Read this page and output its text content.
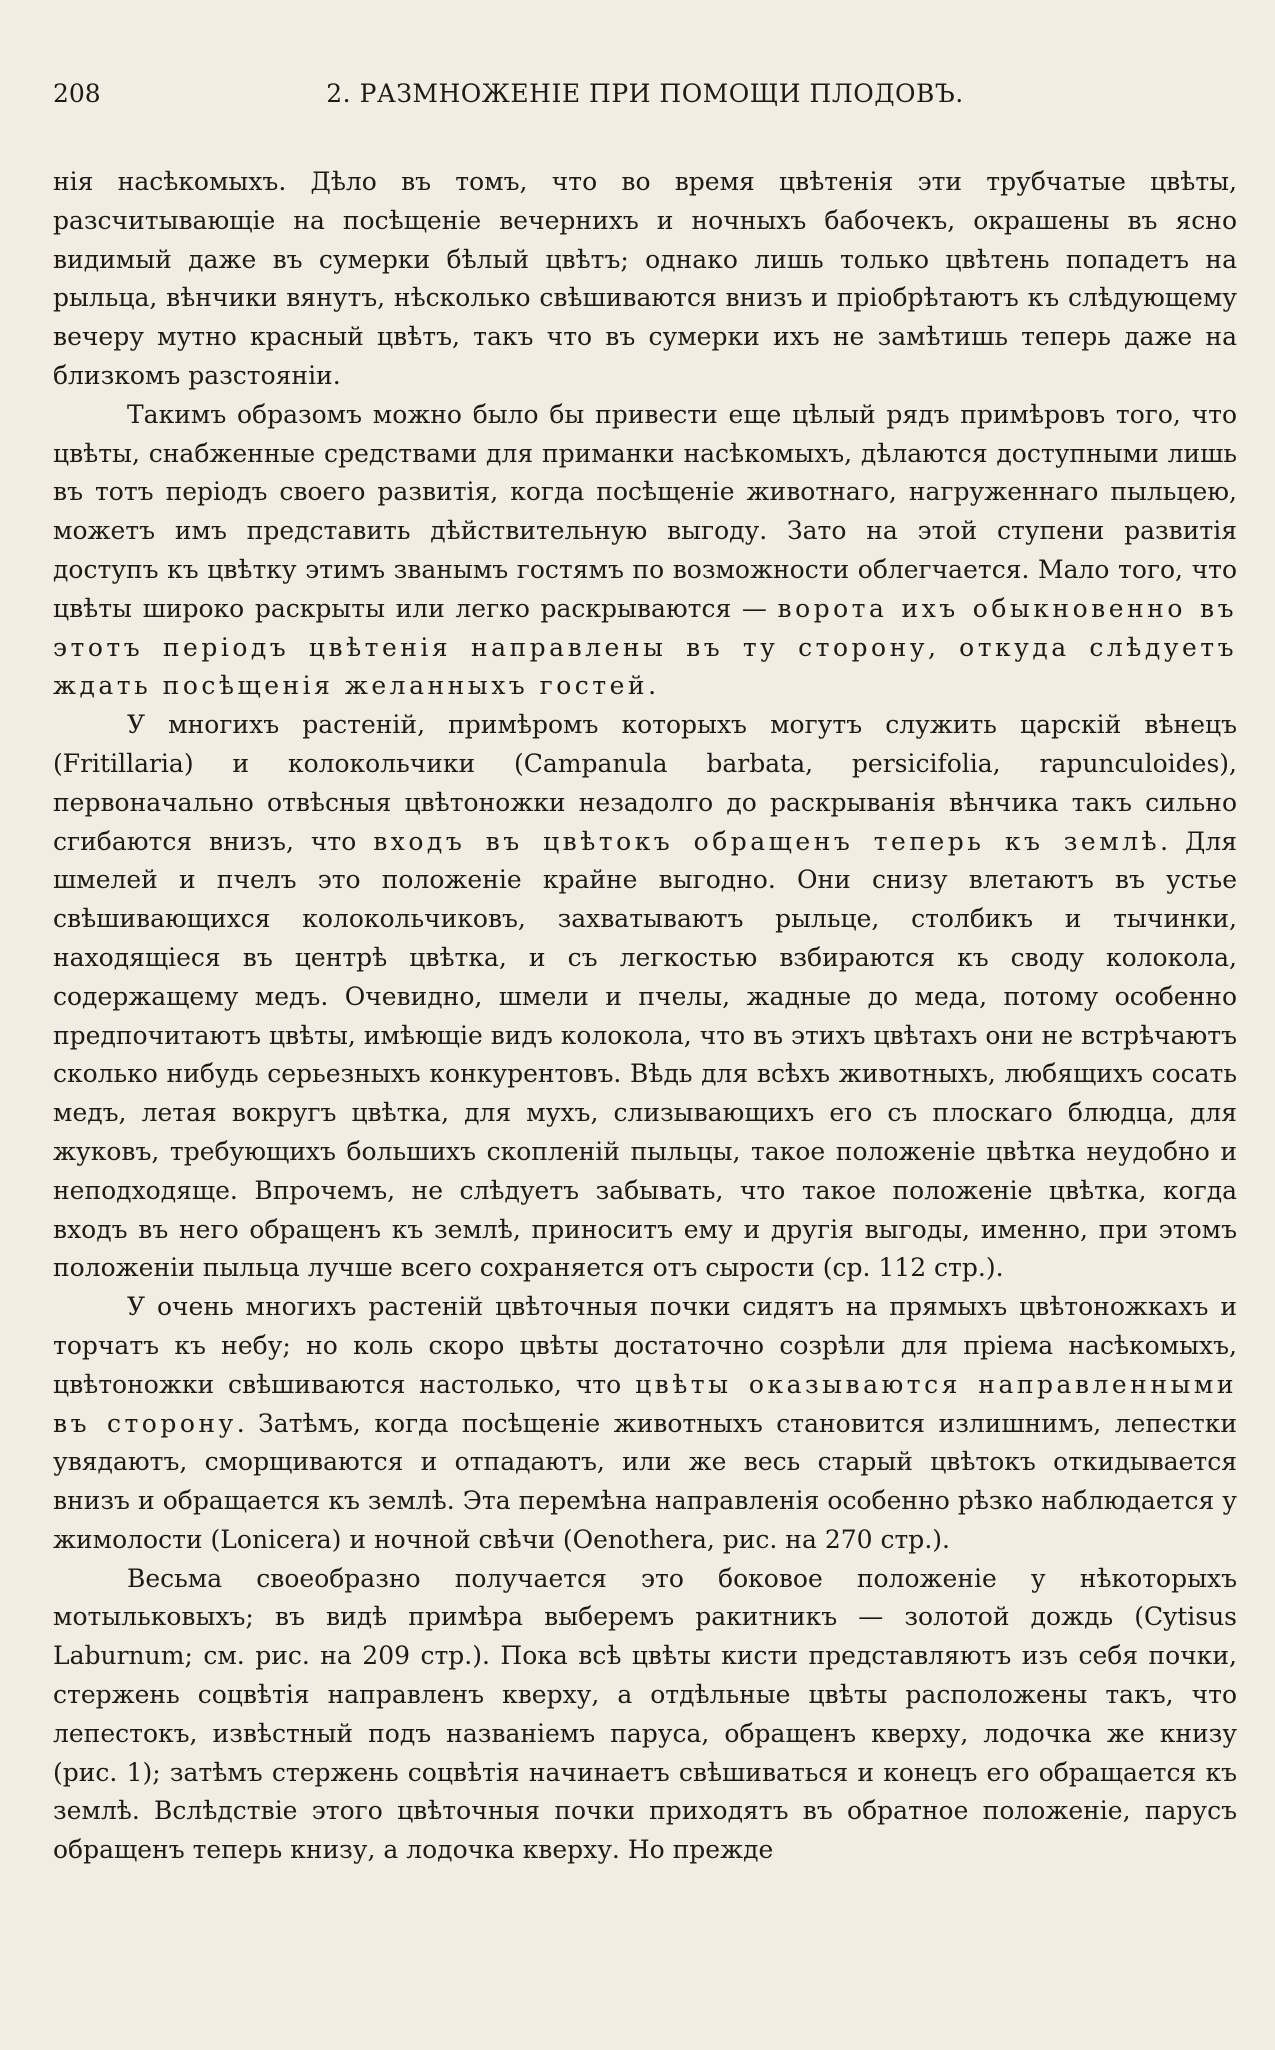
208	2. РАЗМНОЖЕНІЕ ПРИ ПОМОЩИ ПЛОДОВЪ.

нія насѣкомыхъ. Дѣло въ томъ, что во время цвѣтенія эти трубчатые цвѣты, разсчитывающіе на посѣщеніе вечернихъ и ночныхъ бабочекъ, окрашены въ ясно видимый даже въ сумерки бѣлый цвѣтъ; однако лишь только цвѣтень попадетъ на рыльца, вѣнчики вянутъ, нѣсколько свѣшиваются внизъ и пріобрѣтаютъ къ слѣдующему вечеру мутно красный цвѣтъ, такъ что въ сумерки ихъ не замѣтишь теперь даже на близкомъ разстояніи.

Такимъ образомъ можно было бы привести еще цѣлый рядъ примѣровъ того, что цвѣты, снабженные средствами для приманки насѣкомыхъ, дѣлаются доступными лишь въ тотъ періодъ своего развитія, когда посѣщеніе животнаго, нагруженнаго пыльцею, можетъ имъ представить дѣйствительную выгоду. Зато на этой ступени развитія доступъ къ цвѣтку этимъ званымъ гостямъ по возможности облегчается. Мало того, что цвѣты широко раскрыты или легко раскрываются — ворота ихъ обыкновенно въ этотъ періодъ цвѣтенія направлены въ ту сторону, откуда слѣдуетъ ждать посѣщенія желанныхъ гостей.

У многихъ растеній, примѣромъ которыхъ могутъ служить царскій вѣнецъ (Fritillaria) и колокольчики (Campanula barbata, persicifolia, rapunculoides), первоначально отвѣсныя цвѣтоножки незадолго до раскрыванія вѣнчика такъ сильно сгибаются внизъ, что входъ въ цвѣтокъ обращенъ теперь къ землѣ. Для шмелей и пчелъ это положеніе крайне выгодно. Они снизу влетаютъ въ устье свѣшивающихся колокольчиковъ, захватываютъ рыльце, столбикъ и тычинки, находящіеся въ центрѣ цвѣтка, и съ легкостью взбираются къ своду колокола, содержащему медъ. Очевидно, шмели и пчелы, жадные до меда, потому особенно предпочитаютъ цвѣты, имѣющіе видъ колокола, что въ этихъ цвѣтахъ они не встрѣчаютъ сколько нибудь серьезныхъ конкурентовъ. Вѣдь для всѣхъ животныхъ, любящихъ сосать медъ, летая вокругъ цвѣтка, для мухъ, слизывающихъ его съ плоскаго блюдца, для жуковъ, требующихъ большихъ скопленій пыльцы, такое положеніе цвѣтка неудобно и неподходяще. Впрочемъ, не слѣдуетъ забывать, что такое положеніе цвѣтка, когда входъ въ него обращенъ къ землѣ, приноситъ ему и другія выгоды, именно, при этомъ положеніи пыльца лучше всего сохраняется отъ сырости (ср. 112 стр.).

У очень многихъ растеній цвѣточныя почки сидятъ на прямыхъ цвѣтоножкахъ и торчатъ къ небу; но коль скоро цвѣты достаточно созрѣли для пріема насѣкомыхъ, цвѣтоножки свѣшиваются настолько, что цвѣты оказываются направленными въ сторону. Затѣмъ, когда посѣщеніе животныхъ становится излишнимъ, лепестки увядаютъ, сморщиваются и отпадаютъ, или же весь старый цвѣтокъ откидывается внизъ и обращается къ землѣ. Эта перемѣна направленія особенно рѣзко наблюдается у жимолости (Lonicera) и ночной свѣчи (Oenothera, рис. на 270 стр.).

Весьма своеобразно получается это боковое положеніе у нѣкоторыхъ мотыльковыхъ; въ видѣ примѣра выберемъ ракитникъ — золотой дождь (Cytisus Laburnum; см. рис. на 209 стр.). Пока всѣ цвѣты кисти представляютъ изъ себя почки, стержень соцвѣтія направленъ кверху, а отдѣльные цвѣты расположены такъ, что лепестокъ, извѣстный подъ названіемъ паруса, обращенъ кверху, лодочка же книзу (рис. 1); затѣмъ стержень соцвѣтія начинаетъ свѣшиваться и конецъ его обращается къ землѣ. Вслѣдствіе этого цвѣточныя почки приходятъ въ обратное положеніе, парусъ обращенъ теперь книзу, а лодочка кверху. Но прежде
